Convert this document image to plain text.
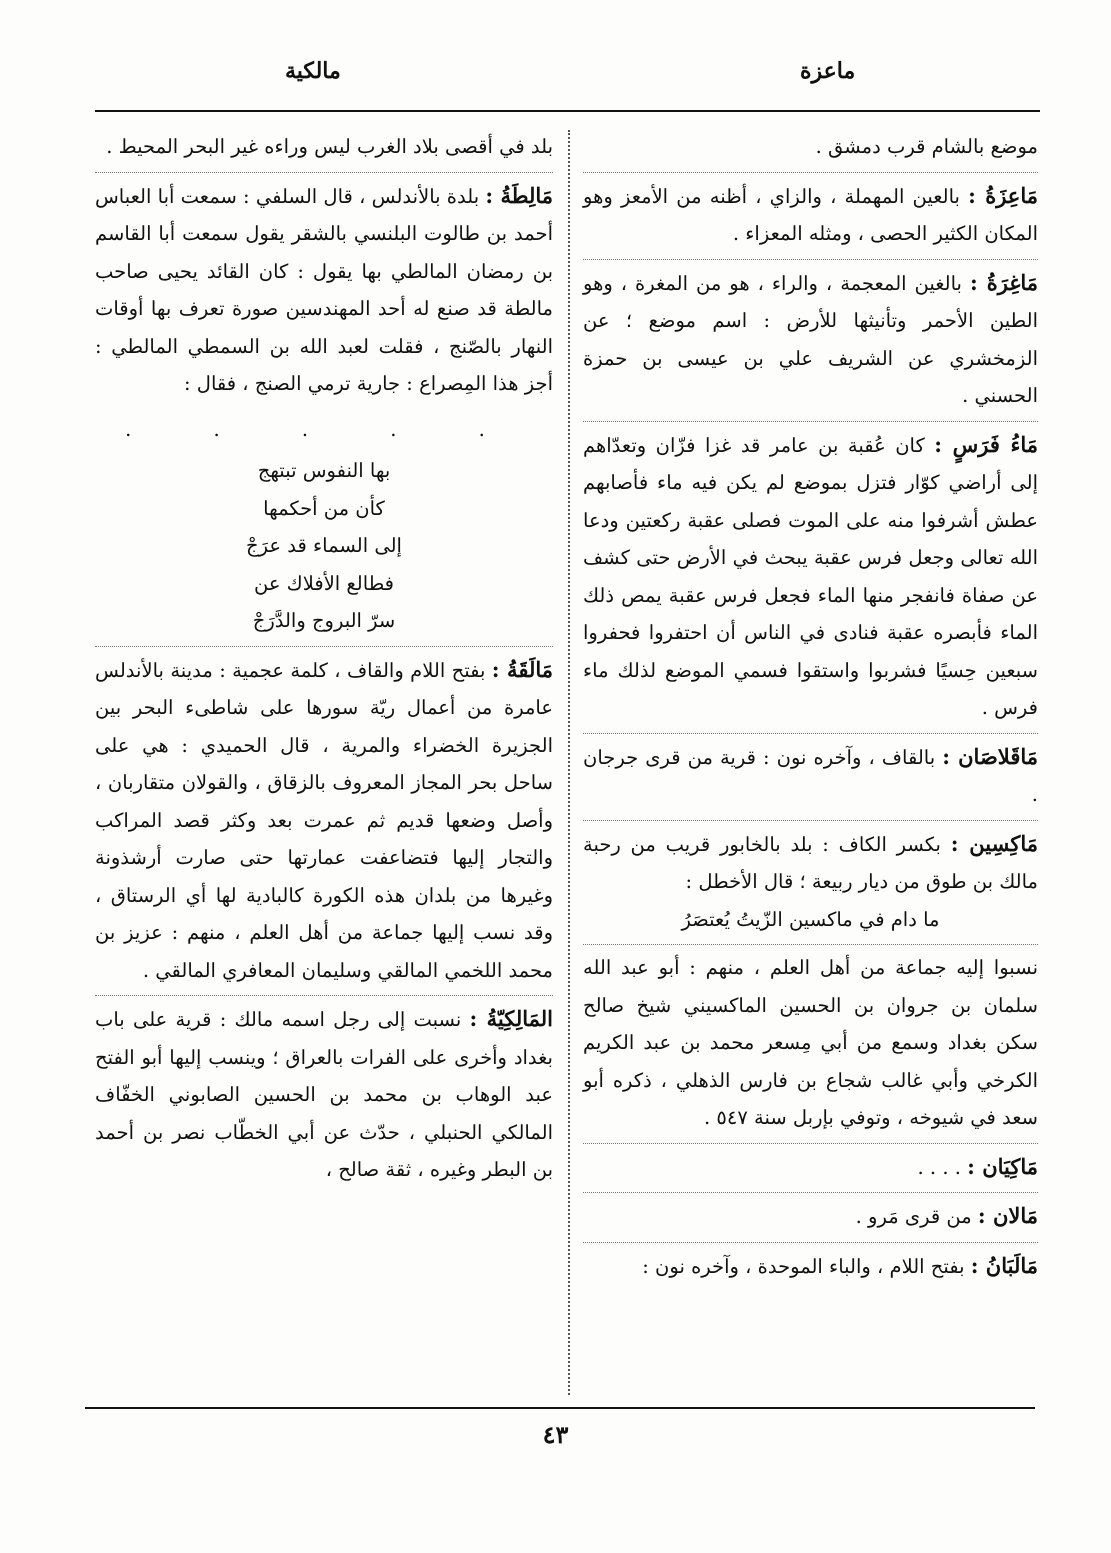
مالكية	ماعزة

موضع بالشام قرب دمشق .

مَاعِزَةُ : بالعين المهملة ، والزاي ، أظنه من الأمعز وهو المكان الكثير الحصى ، ومثله المعزاء .

مَاغِرَةُ : بالغين المعجمة ، والراء ، هو من المغرة ، وهو الطين الأحمر وتأنيثها للأرض : اسم موضع ؛ عن الزمخشري عن الشريف علي بن عيسى بن حمزة الحسني .

مَاءُ فَرَسٍ : كان عُقبة بن عامر قد غزا فزّان وتعدّاهم إلى أراضي كوّار فتزل بموضع لم يكن فيه ماء فأصابهم عطش أشرفوا منه على الموت فصلى عقبة ركعتين ودعا الله تعالى وجعل فرس عقبة يبحث في الأرض حتى كشف عن صفاة فانفجر منها الماء فجعل فرس عقبة يمص ذلك الماء فأبصره عقبة فنادى في الناس أن احتفروا فحفروا سبعين حِسيًا فشربوا واستقوا فسمي الموضع لذلك ماء فرس .

مَاقَلاصَان : بالقاف ، وآخره نون : قرية من قرى جرجان .

مَاكِسِين : بكسر الكاف : بلد بالخابور قريب من رحبة مالك بن طوق من ديار ربيعة ؛ قال الأخطل :

ما دام في ماكسين الزّيتُ يُعتصَرُ

نسبوا إليه جماعة من أهل العلم ، منهم : أبو عبد الله سلمان بن جروان بن الحسين الماكسيني شيخ صالح سكن بغداد وسمع من أبي مِسعر محمد بن عبد الكريم الكرخي وأبي غالب شجاع بن فارس الذهلي ، ذكره أبو سعد في شيوخه ، وتوفي بإربل سنة ٥٤٧ .

مَاكِيَان : . . . .

مَالان : من قرى مَرو .

مَالَبَانُ : بفتح اللام ، والباء الموحدة ، وآخره نون :

بلد في أقصى بلاد الغرب ليس وراءه غير البحر المحيط .

مَالِطَةُ : بلدة بالأندلس ، قال السلفي : سمعت أبا العباس أحمد بن طالوت البلنسي بالشقر يقول سمعت أبا القاسم بن رمضان المالطي بها يقول : كان القائد يحيى صاحب مالطة قد صنع له أحد المهندسين صورة تعرف بها أوقات النهار بالصّنج ، فقلت لعبد الله بن السمطي المالطي : أجز هذا المِصراع : جارية ترمي الصنج ، فقال :

. . . . .

بها النفوس تبتهج
كأن من أحكمها
إلى السماء قد عرَجْ
فطالع الأفلاك عن
سرّ البروج والدَّرَجْ

مَالَقَةُ : بفتح اللام والقاف ، كلمة عجمية : مدينة بالأندلس عامرة من أعمال ريّة سورها على شاطىء البحر بين الجزيرة الخضراء والمرية ، قال الحميدي : هي على ساحل بحر المجاز المعروف بالزقاق ، والقولان متقاربان ، وأصل وضعها قديم ثم عمرت بعد وكثر قصد المراكب والتجار إليها فتضاعفت عمارتها حتى صارت أرشذونة وغيرها من بلدان هذه الكورة كالبادية لها أي الرستاق ، وقد نسب إليها جماعة من أهل العلم ، منهم : عزيز بن محمد اللخمي المالقي وسليمان المعافري المالقي .

المَالِكِيّةُ : نسبت إلى رجل اسمه مالك : قرية على باب بغداد وأخرى على الفرات بالعراق ؛ وينسب إليها أبو الفتح عبد الوهاب بن محمد بن الحسين الصابوني الخفّاف المالكي الحنبلي ، حدّث عن أبي الخطّاب نصر بن أحمد بن البطر وغيره ، ثقة صالح ،

٤٣
